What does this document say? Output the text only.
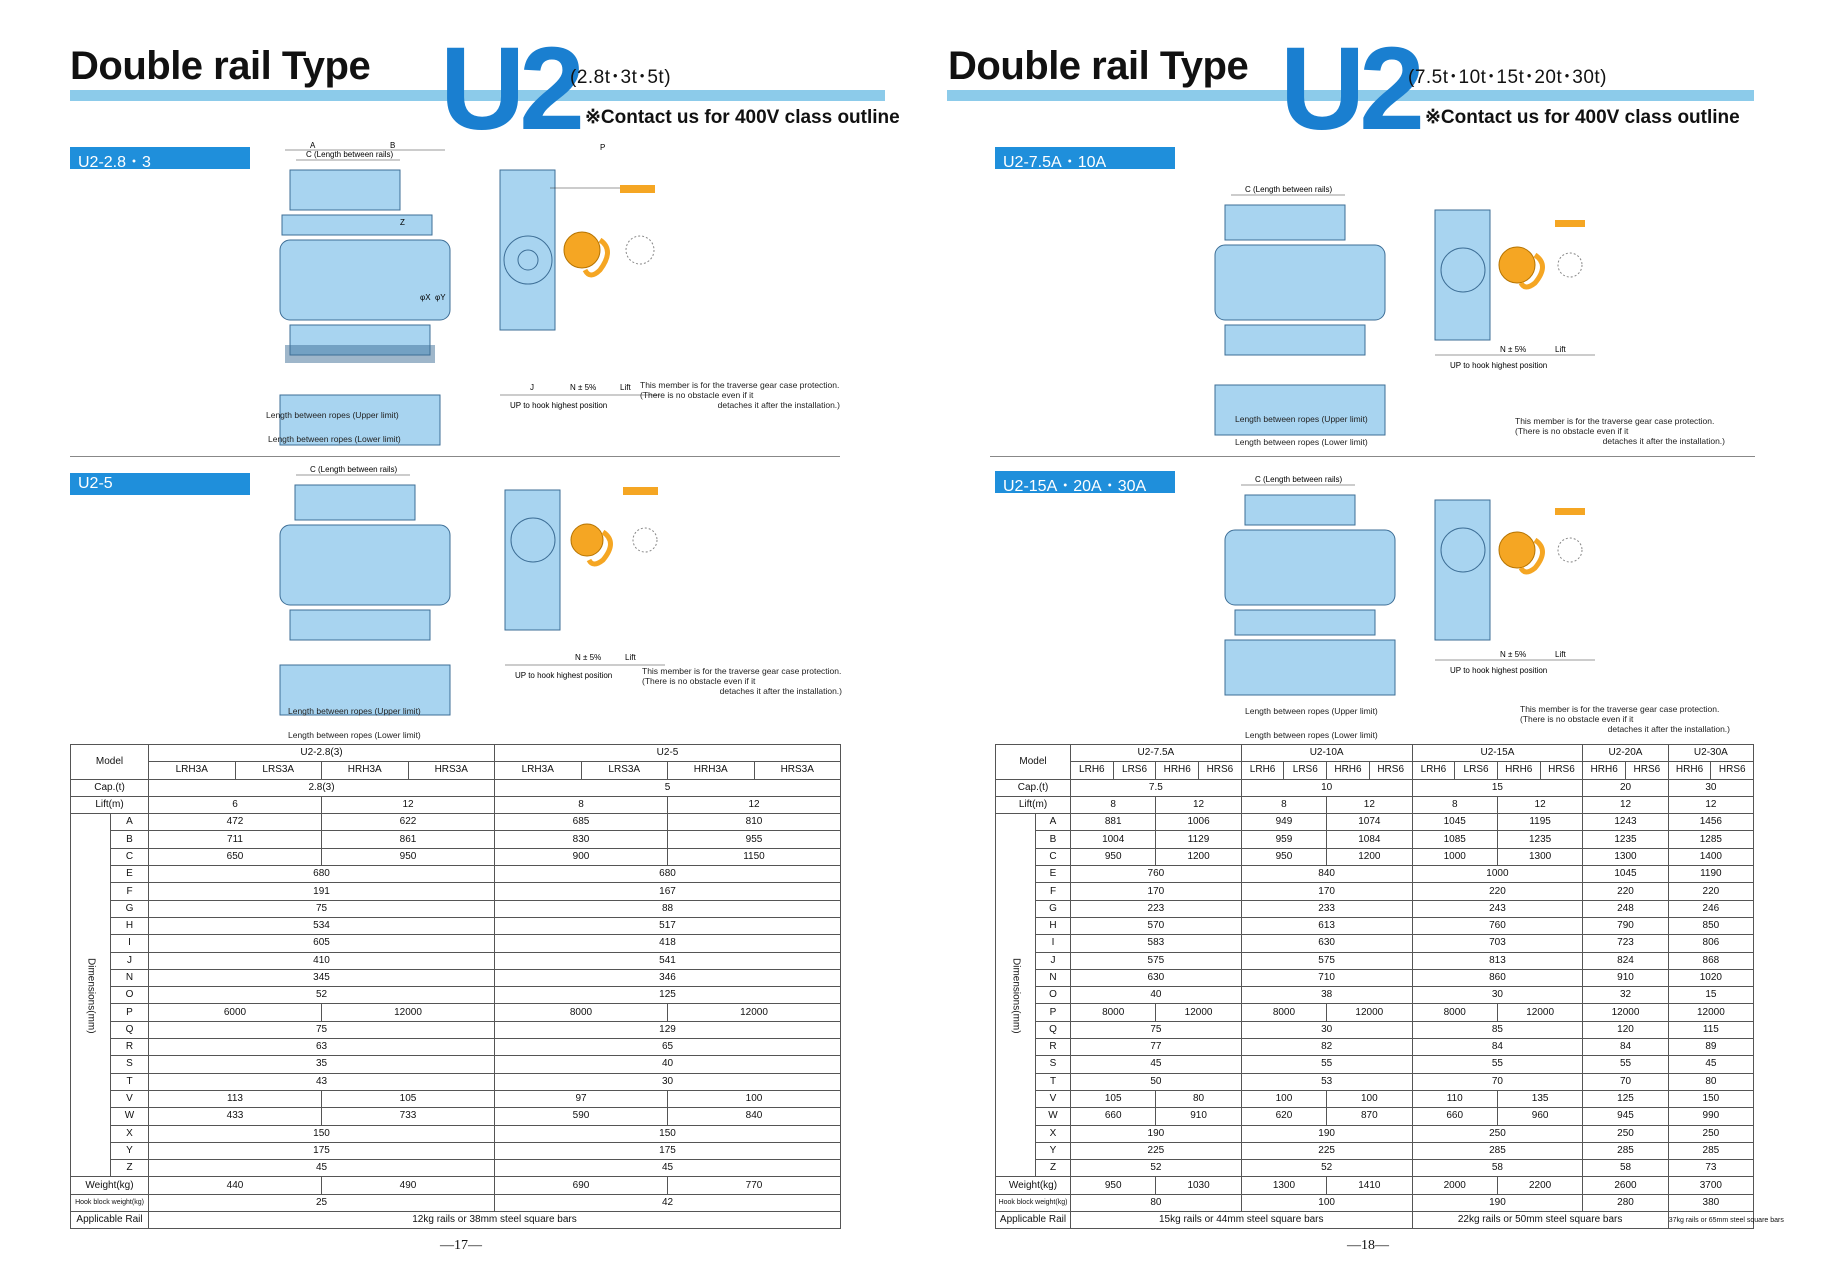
Double rail Type U2
(2.8t･3t･5t)
※Contact us for 400V class outline
U2-2.8・3
U2-5
C (Length between rails)
A	B
Z
φX φY
P
J	N ± 5%	Lift
UP to hook highest position
Length between ropes (Upper limit)
Length between ropes (Lower limit)
This member is for the traverse gear case protection.
(There is no obstacle even if it
detaches it after the installation.)
C (Length between rails)
N ± 5%	Lift
UP to hook highest position
Length between ropes (Upper limit)
Length between ropes (Lower limit)
This member is for the traverse gear case protection.
(There is no obstacle even if it
detaches it after the installation.)
Model		U2-2.8(3)				U2-5			
		LRH3A	LRS3A	HRH3A	HRS3A	LRH3A	LRS3A	HRH3A	HRS3A
Cap.(t)		2.8(3)				5			
Lift(m)		6		12		8		12	
Dimensions(mm)	A	472		622		685		810	
	B	711		861		830		955	
	C	650		950		900		1150	
	E	680				680			
	F	191				167			
	G	75				88			
	H	534				517			
	I	605				418			
	J	410				541			
	N	345				346			
	O	52				125			
	P	6000		12000		8000		12000	
	Q	75				129			
	R	63				65			
	S	35				40			
	T	43				30			
	V	113		105		97		100	
	W	433		733		590		840	
	X	150				150			
	Y	175				175			
	Z	45				45			
Weight(kg)		440		490		690		770	
Hook block weight(kg)		25				42			
Applicable Rail		12kg rails or 38mm steel square bars							
—17—
Double rail Type U2
(7.5t･10t･15t･20t･30t)
※Contact us for 400V class outline
U2-7.5A・10A
U2-15A・20A・30A
C (Length between rails)
N ± 5%	Lift
UP to hook highest position
Length between ropes (Upper limit)
Length between ropes (Lower limit)
This member is for the traverse gear case protection.
(There is no obstacle even if it
detaches it after the installation.)
C (Length between rails)
N ± 5%	Lift
UP to hook highest position
Length between ropes (Upper limit)
Length between ropes (Lower limit)
This member is for the traverse gear case protection.
(There is no obstacle even if it
detaches it after the installation.)
Model		U2-7.5A				U2-10A				U2-15A				U2-20A		U2-30A	
		LRH6	LRS6	HRH6	HRS6	LRH6	LRS6	HRH6	HRS6	LRH6	LRS6	HRH6	HRS6	HRH6	HRS6	HRH6	HRS6
Cap.(t)		7.5				10				15				20		30	
Lift(m)		8		12		8		12		8		12		12		12	
Dimensions(mm)	A	881		1006		949		1074		1045		1195		1243		1456	
	B	1004		1129		959		1084		1085		1235		1235		1285	
	C	950		1200		950		1200		1000		1300		1300		1400	
	E	760				840				1000				1045		1190	
	F	170				170				220				220		220	
	G	223				233				243				248		246	
	H	570				613				760				790		850	
	I	583				630				703				723		806	
	J	575				575				813				824		868	
	N	630				710				860				910		1020	
	O	40				38				30				32		15	
	P	8000		12000		8000		12000		8000		12000		12000		12000	
	Q	75				30				85				120		115	
	R	77				82				84				84		89	
	S	45				55				55				55		45	
	T	50				53				70				70		80	
	V	105		80		100		100		110		135		125		150	
	W	660		910		620		870		660		960		945		990	
	X	190				190				250				250		250	
	Y	225				225				285				285		285	
	Z	52				52				58				58		73	
Weight(kg)		950		1030		1300		1410		2000		2200		2600		3700	
Hook block weight(kg)		80				100				190				280		380	
Applicable Rail		15kg rails or 44mm steel square bars								22kg rails or 50mm steel square bars						37kg rails or 65mm steel square bars	
—18—
